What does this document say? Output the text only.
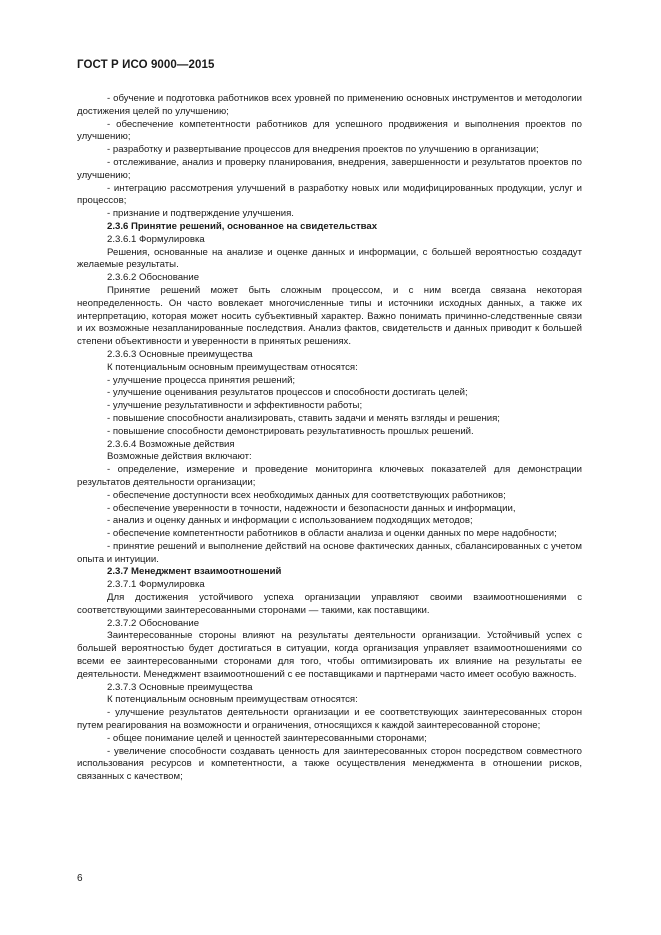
ГОСТ Р ИСО 9000—2015

- обучение и подготовка работников всех уровней по применению основных инструментов и методологии достижения целей по улучшению;

- обеспечение компетентности работников для успешного продвижения и выполнения проектов по улучшению;

- разработку и развертывание процессов для внедрения проектов по улучшению в организации;

- отслеживание, анализ и проверку планирования, внедрения, завершенности и результатов проектов по улучшению;

- интеграцию рассмотрения улучшений в разработку новых или модифицированных продукции, услуг и процессов;

- признание и подтверждение улучшения.

2.3.6 Принятие решений, основанное на свидетельствах

2.3.6.1 Формулировка

Решения, основанные на анализе и оценке данных и информации, с большей вероятностью создадут желаемые результаты.

2.3.6.2 Обоснование

Принятие решений может быть сложным процессом, и с ним всегда связана некоторая неопределенность. Он часто вовлекает многочисленные типы и источники исходных данных, а также их интерпретацию, которая может носить субъективный характер. Важно понимать причинно-следственные связи и их возможные незапланированные последствия. Анализ фактов, свидетельств и данных приводит к большей степени объективности и уверенности в принятых решениях.

2.3.6.3 Основные преимущества

К потенциальным основным преимуществам относятся:

- улучшение процесса принятия решений;

- улучшение оценивания результатов процессов и способности достигать целей;

- улучшение результативности и эффективности работы;

- повышение способности анализировать, ставить задачи и менять взгляды и решения;

- повышение способности демонстрировать результативность прошлых решений.

2.3.6.4 Возможные действия

Возможные действия включают:

- определение, измерение и проведение мониторинга ключевых показателей для демонстрации результатов деятельности организации;

- обеспечение доступности всех необходимых данных для соответствующих работников;

- обеспечение уверенности в точности, надежности и безопасности данных и информации,

- анализ и оценку данных и информации с использованием подходящих методов;

- обеспечение компетентности работников в области анализа и оценки данных по мере надобности;

- принятие решений и выполнение действий на основе фактических данных, сбалансированных с учетом опыта и интуиции.

2.3.7 Менеджмент взаимоотношений

2.3.7.1 Формулировка

Для достижения устойчивого успеха организации управляют своими взаимоотношениями с соответствующими заинтересованными сторонами — такими, как поставщики.

2.3.7.2 Обоснование

Заинтересованные стороны влияют на результаты деятельности организации. Устойчивый успех с большей вероятностью будет достигаться в ситуации, когда организация управляет взаимоотношениями со всеми ее заинтересованными сторонами для того, чтобы оптимизировать их влияние на результаты ее деятельности. Менеджмент взаимоотношений с ее поставщиками и партнерами часто имеет особую важность.

2.3.7.3 Основные преимущества

К потенциальным основным преимуществам относятся:

- улучшение результатов деятельности организации и ее соответствующих заинтересованных сторон путем реагирования на возможности и ограничения, относящихся к каждой заинтересованной стороне;

- общее понимание целей и ценностей заинтересованными сторонами;

- увеличение способности создавать ценность для заинтересованных сторон посредством совместного использования ресурсов и компетентности, а также осуществления менеджмента в отношении рисков, связанных с качеством;

6
